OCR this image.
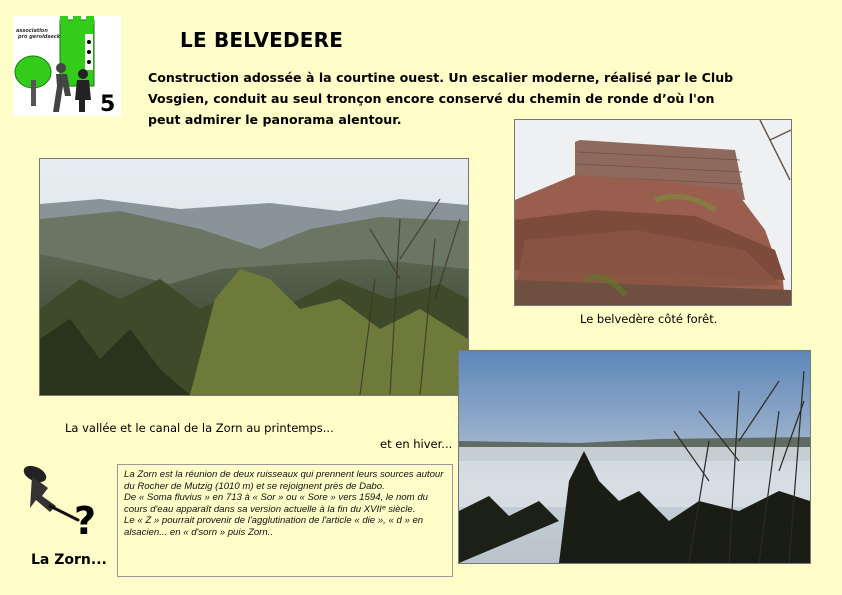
association
pro geroldseck
5
LE BELVEDERE
Construction adossée à la courtine ouest. Un escalier moderne, réalisé par le Club Vosgien, conduit au seul tronçon encore conservé du chemin de ronde d’où l'on peut admirer le panorama alentour.
Le belvedère côté forêt.
La vallée et le canal de la Zorn au printemps...
et en hiver...
?
La Zorn...

La Zorn est la réunion de deux ruisseaux qui prennent leurs sources autour du Rocher de Mutzig (1010 m) et se rejoignent près de Dabo.

De « Soma fluvius » en 713 à « Sor » ou « Sore » vers 1594, le nom du cours d'eau apparaît dans sa version actuelle à la fin du XVIIᵉ siècle.

Le « Z » pourrait provenir de l'agglutination de l'article « die », « d » en alsacien... en « d'sorn » puis Zorn..
